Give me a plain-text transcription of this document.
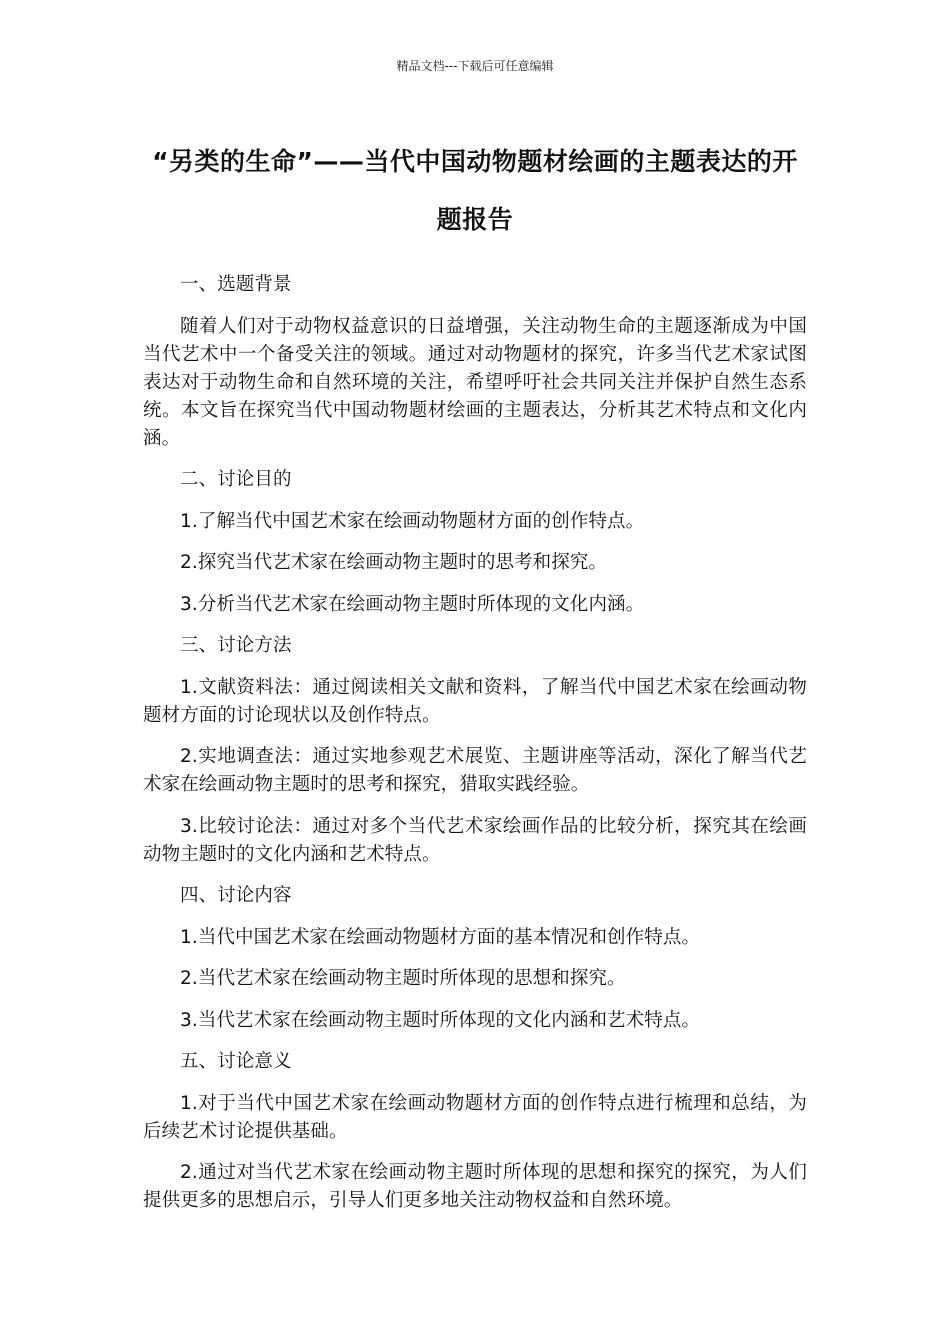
精品文档---下载后可任意编辑
“另类的生命”——当代中国动物题材绘画的主题表达的开题报告

一、选题背景

随着人们对于动物权益意识的日益增强，关注动物生命的主题逐渐成为中国当代艺术中一个备受关注的领域。通过对动物题材的探究，许多当代艺术家试图表达对于动物生命和自然环境的关注，希望呼吁社会共同关注并保护自然生态系统。本文旨在探究当代中国动物题材绘画的主题表达，分析其艺术特点和文化内涵。

二、讨论目的

1.了解当代中国艺术家在绘画动物题材方面的创作特点。

2.探究当代艺术家在绘画动物主题时的思考和探究。

3.分析当代艺术家在绘画动物主题时所体现的文化内涵。

三、讨论方法

1.文献资料法：通过阅读相关文献和资料，了解当代中国艺术家在绘画动物题材方面的讨论现状以及创作特点。

2.实地调查法：通过实地参观艺术展览、主题讲座等活动，深化了解当代艺术家在绘画动物主题时的思考和探究，猎取实践经验。

3.比较讨论法：通过对多个当代艺术家绘画作品的比较分析，探究其在绘画动物主题时的文化内涵和艺术特点。

四、讨论内容

1.当代中国艺术家在绘画动物题材方面的基本情况和创作特点。

2.当代艺术家在绘画动物主题时所体现的思想和探究。

3.当代艺术家在绘画动物主题时所体现的文化内涵和艺术特点。

五、讨论意义

1.对于当代中国艺术家在绘画动物题材方面的创作特点进行梳理和总结，为后续艺术讨论提供基础。

2.通过对当代艺术家在绘画动物主题时所体现的思想和探究的探究，为人们提供更多的思想启示，引导人们更多地关注动物权益和自然环境。
